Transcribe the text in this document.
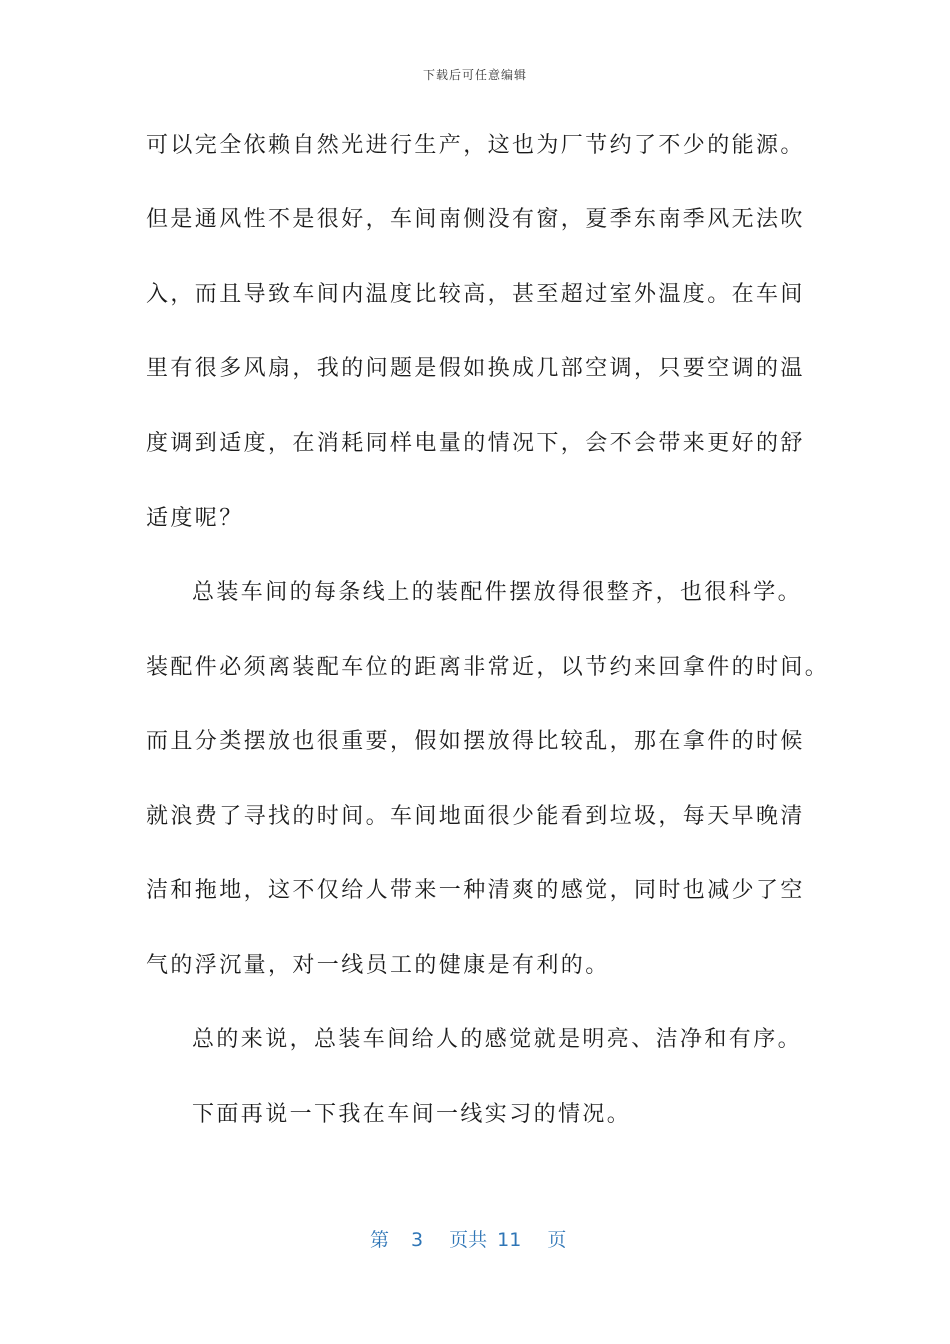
下载后可任意编辑
可以完全依赖自然光进行生产，这也为厂节约了不少的能源。
但是通风性不是很好，车间南侧没有窗，夏季东南季风无法吹
入，而且导致车间内温度比较高，甚至超过室外温度。在车间
里有很多风扇，我的问题是假如换成几部空调，只要空调的温
度调到适度，在消耗同样电量的情况下，会不会带来更好的舒
适度呢？
总装车间的每条线上的装配件摆放得很整齐，也很科学。
装配件必须离装配车位的距离非常近，以节约来回拿件的时间。
而且分类摆放也很重要，假如摆放得比较乱，那在拿件的时候
就浪费了寻找的时间。车间地面很少能看到垃圾，每天早晚清
洁和拖地，这不仅给人带来一种清爽的感觉，同时也减少了空
气的浮沉量，对一线员工的健康是有利的。
总的来说，总装车间给人的感觉就是明亮、洁净和有序。
下面再说一下我在车间一线实习的情况。
第 3 页共 11 页
